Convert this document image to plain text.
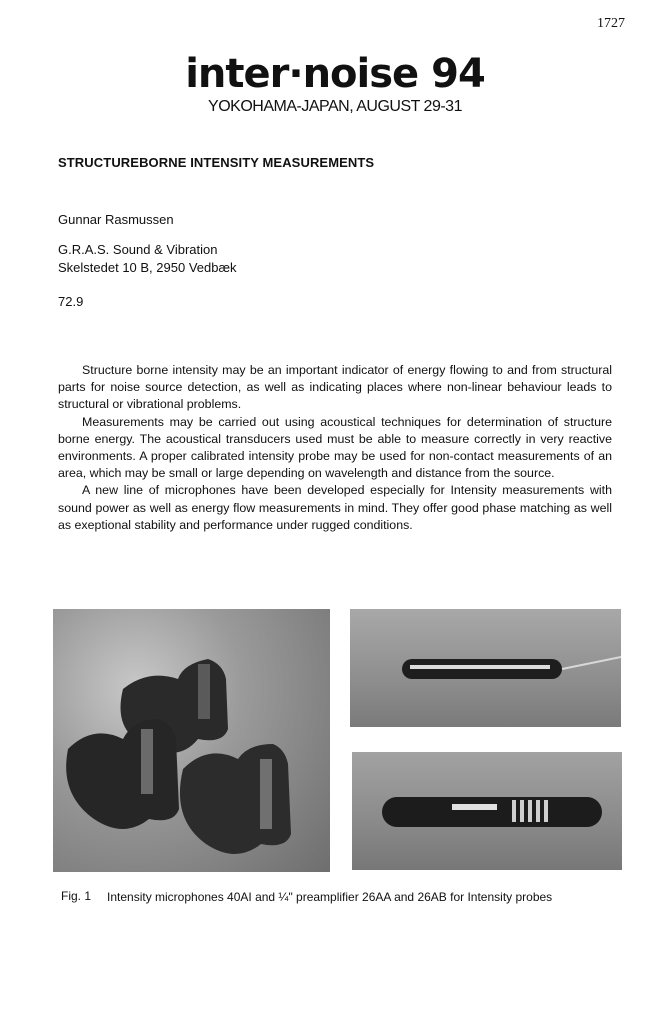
1727
inter·noise 94
YOKOHAMA-JAPAN, AUGUST 29-31
STRUCTUREBORNE INTENSITY MEASUREMENTS
Gunnar Rasmussen
G.R.A.S. Sound & Vibration
Skelstedet 10 B, 2950 Vedbæk
72.9

Structure borne intensity may be an important indicator of energy flowing to and from structural parts for noise source detection, as well as indicating places where non-linear behaviour leads to structural or vibrational problems.

Measurements may be carried out using acoustical techniques for determination of structure borne energy. The acoustical transducers used must be able to measure correctly in very reactive environments. A proper calibrated intensity probe may be used for non-contact measurements of an area, which may be small or large depending on wavelength and distance from the source.

A new line of microphones have been developed especially for Intensity measurements with sound power as well as energy flow measurements in mind. They offer good phase matching as well as exeptional stability and performance under rugged conditions.

Fig. 1 Intensity microphones 40AI and ¼" preamplifier 26AA and 26AB for Intensity probes
